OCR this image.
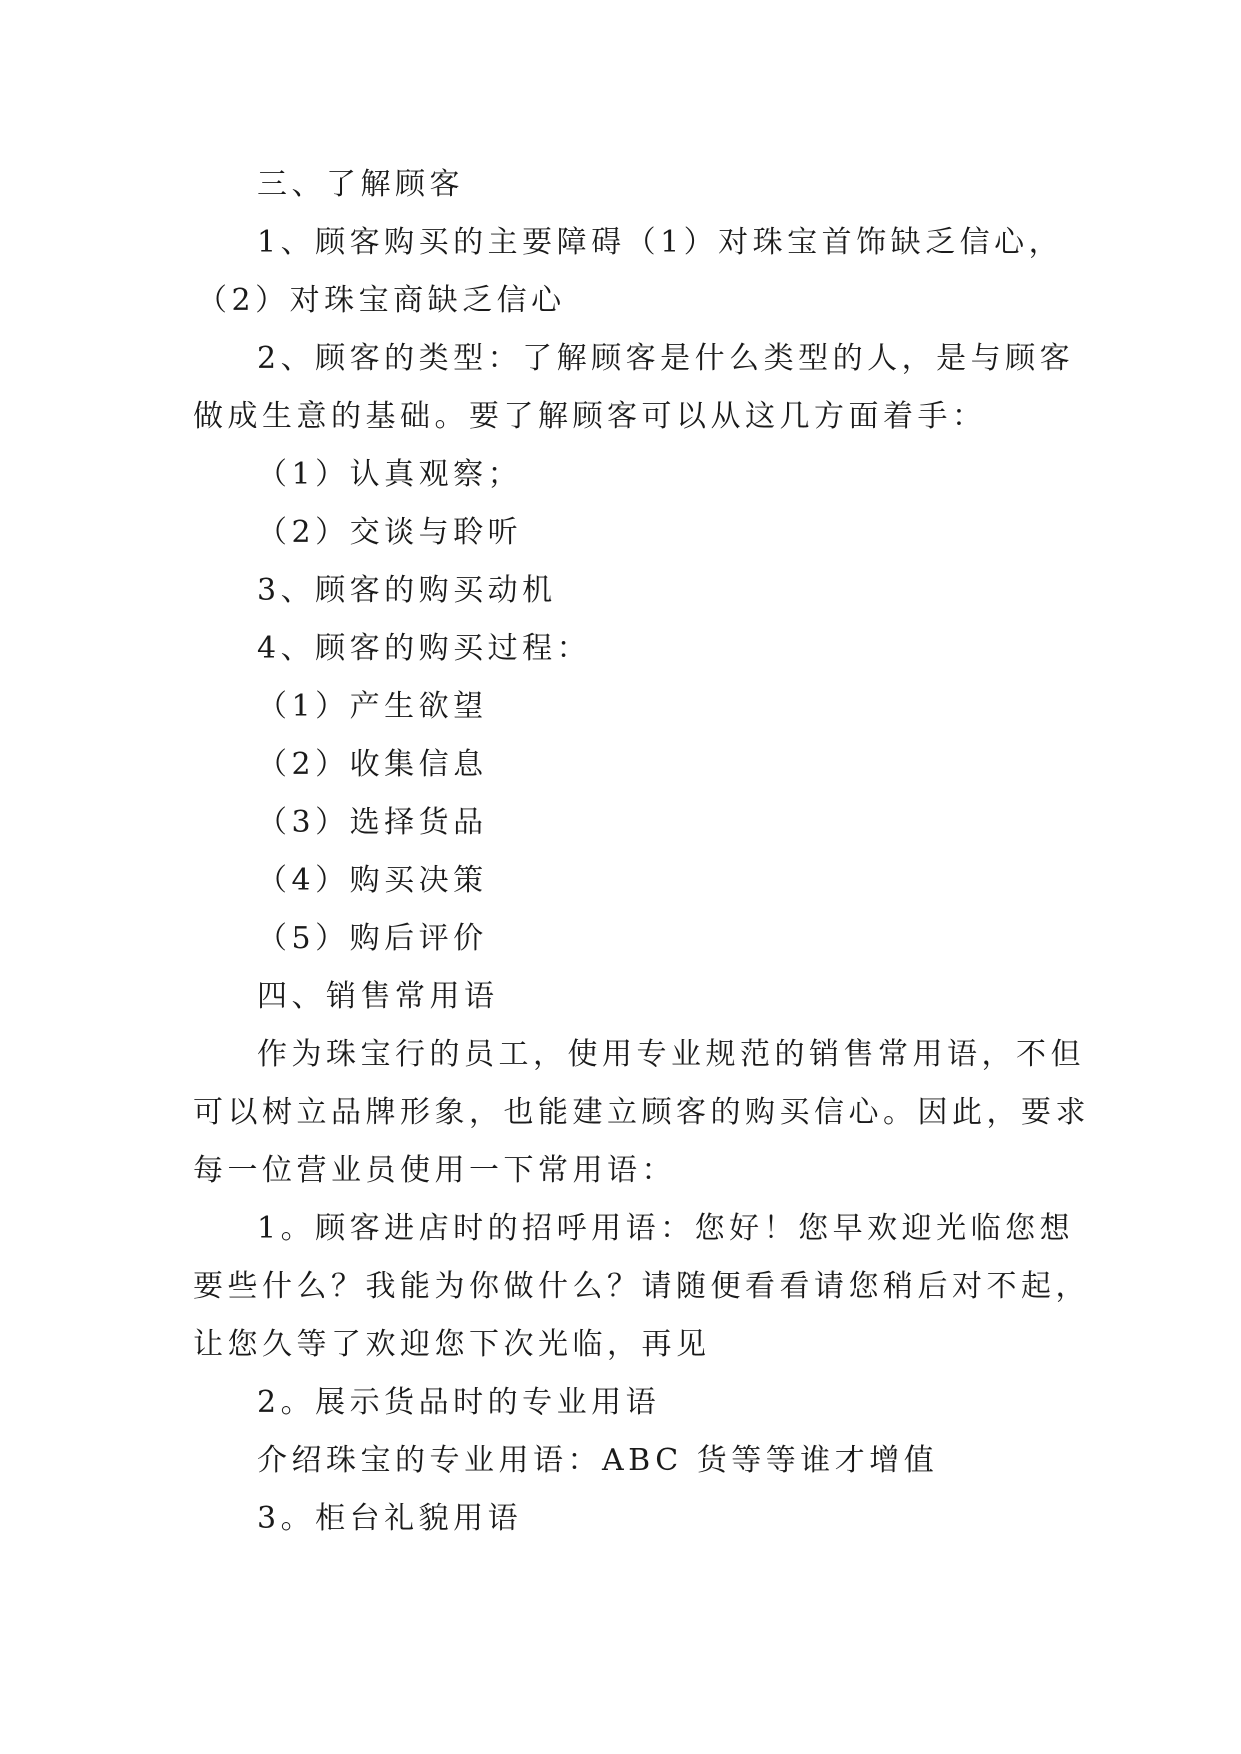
三、了解顾客
1、顾客购买的主要障碍（1）对珠宝首饰缺乏信心，
（2）对珠宝商缺乏信心
2、顾客的类型：了解顾客是什么类型的人，是与顾客
做成生意的基础。要了解顾客可以从这几方面着手：
（1）认真观察；
（2）交谈与聆听
3、顾客的购买动机
4、顾客的购买过程：
（1）产生欲望
（2）收集信息
（3）选择货品
（4）购买决策
（5）购后评价
四、销售常用语
作为珠宝行的员工，使用专业规范的销售常用语，不但
可以树立品牌形象，也能建立顾客的购买信心。因此，要求
每一位营业员使用一下常用语：
1。顾客进店时的招呼用语：您好！您早欢迎光临您想
要些什么？我能为你做什么？请随便看看请您稍后对不起，
让您久等了欢迎您下次光临，再见
2。展示货品时的专业用语
介绍珠宝的专业用语：ABC 货等等谁才增值
3。柜台礼貌用语
